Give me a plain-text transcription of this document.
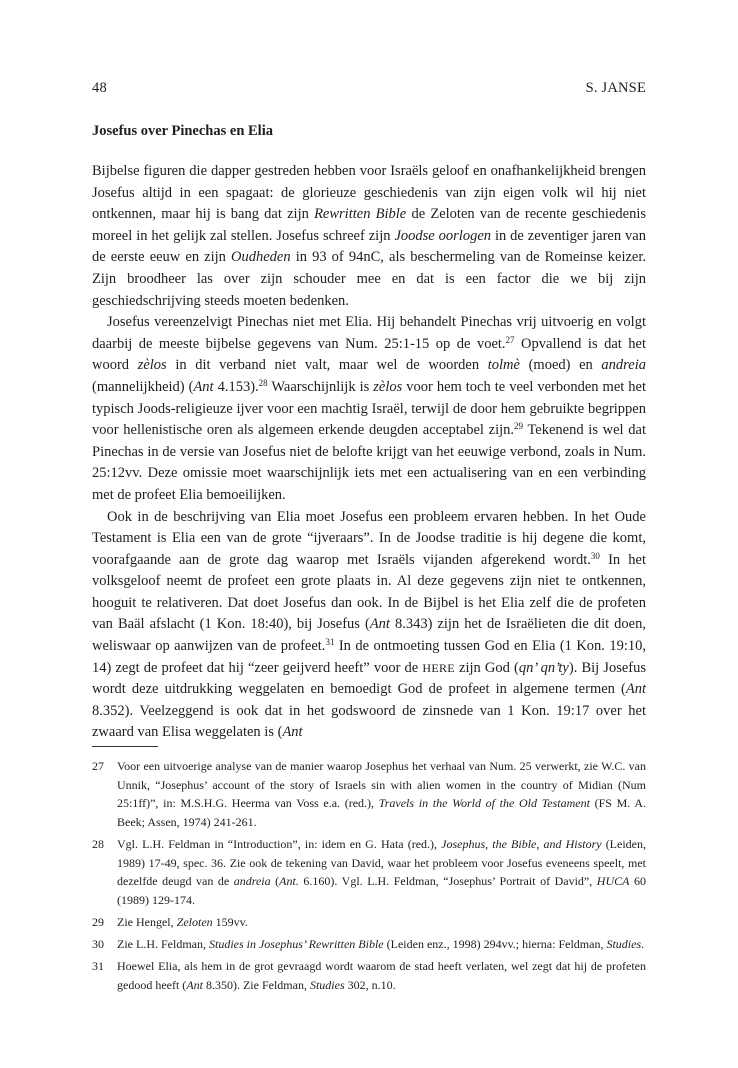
48	S. JANSE
Josefus over Pinechas en Elia

Bijbelse figuren die dapper gestreden hebben voor Israëls geloof en onafhankelijkheid brengen Josefus altijd in een spagaat: de glorieuze geschiedenis van zijn eigen volk wil hij niet ontkennen, maar hij is bang dat zijn Rewritten Bible de Zeloten van de recente geschiedenis moreel in het gelijk zal stellen. Josefus schreef zijn Joodse oorlogen in de zeventiger jaren van de eerste eeuw en zijn Oudheden in 93 of 94nC, als beschermeling van de Romeinse keizer. Zijn broodheer las over zijn schouder mee en dat is een factor die we bij zijn geschiedschrijving steeds moeten bedenken.

Josefus vereenzelvigt Pinechas niet met Elia. Hij behandelt Pinechas vrij uitvoerig en volgt daarbij de meeste bijbelse gegevens van Num. 25:1-15 op de voet.$^{27}$ Opvallend is dat het woord zèlos in dit verband niet valt, maar wel de woorden tolmè (moed) en andreia (mannelijkheid) (Ant 4.153).$^{28}$ Waarschijnlijk is zèlos voor hem toch te veel verbonden met het typisch Joods-religieuze ijver voor een machtig Israël, terwijl de door hem gebruikte begrippen voor hellenistische oren als algemeen erkende deugden acceptabel zijn.$^{29}$ Tekenend is wel dat Pinechas in de versie van Josefus niet de belofte krijgt van het eeuwige verbond, zoals in Num. 25:12vv. Deze omissie moet waarschijnlijk iets met een actualisering van en een verbinding met de profeet Elia bemoeilijken.

Ook in de beschrijving van Elia moet Josefus een probleem ervaren hebben. In het Oude Testament is Elia een van de grote “ijveraars”. In de Joodse traditie is hij degene die komt, voorafgaande aan de grote dag waarop met Israëls vijanden afgerekend wordt.$^{30}$ In het volksgeloof neemt de profeet een grote plaats in. Al deze gegevens zijn niet te ontkennen, hooguit te relativeren. Dat doet Josefus dan ook. In de Bijbel is het Elia zelf die de profeten van Baäl afslacht (1 Kon. 18:40), bij Josefus (Ant 8.343) zijn het de Israëlieten die dit doen, weliswaar op aanwijzen van de profeet.$^{31}$ In de ontmoeting tussen God en Elia (1 Kon. 19:10, 14) zegt de profeet dat hij “zeer geijverd heeft” voor de HERE zijn God (qn’ qn’ty). Bij Josefus wordt deze uitdrukking weggelaten en bemoedigt God de profeet in algemene termen (Ant 8.352). Veelzeggend is ook dat in het godswoord de zinsnede van 1 Kon. 19:17 over het zwaard van Elisa weggelaten is (Ant

27 Voor een uitvoerige analyse van de manier waarop Josephus het verhaal van Num. 25 verwerkt, zie W.C. van Unnik, “Josephus’ account of the story of Israels sin with alien women in the country of Midian (Num 25:1ff)”, in: M.S.H.G. Heerma van Voss e.a. (red.), Travels in the World of the Old Testament (FS M. A. Beek; Assen, 1974) 241-261.
28 Vgl. L.H. Feldman in “Introduction”, in: idem en G. Hata (red.), Josephus, the Bible, and History (Leiden, 1989) 17-49, spec. 36. Zie ook de tekening van David, waar het probleem voor Josefus eveneens speelt, met dezelfde deugd van de andreia (Ant. 6.160). Vgl. L.H. Feldman, “Josephus’ Portrait of David”, HUCA 60 (1989) 129-174.
29 Zie Hengel, Zeloten 159vv.
30 Zie L.H. Feldman, Studies in Josephus’ Rewritten Bible (Leiden enz., 1998) 294vv.; hierna: Feldman, Studies.
31 Hoewel Elia, als hem in de grot gevraagd wordt waarom de stad heeft verlaten, wel zegt dat hij de profeten gedood heeft (Ant 8.350). Zie Feldman, Studies 302, n.10.
